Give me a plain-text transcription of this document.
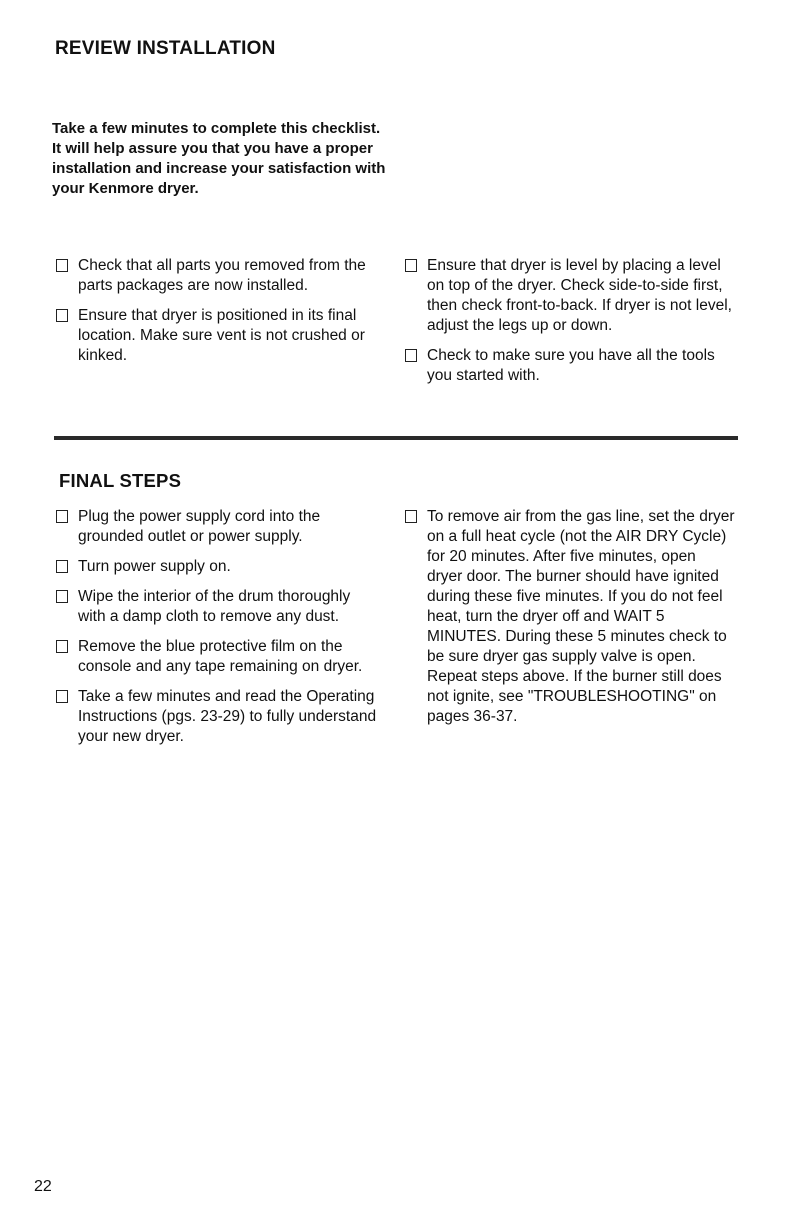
REVIEW INSTALLATION

Take a few minutes to complete this checklist. It will help assure you that you have a proper installation and increase your satisfaction with your Kenmore dryer.

Check that all parts you removed from the parts packages are now installed.
Ensure that dryer is positioned in its final location. Make sure vent is not crushed or kinked.
Ensure that dryer is level by placing a level on top of the dryer. Check side-to-side first, then check front-to-back. If dryer is not level, adjust the legs up or down.
Check to make sure you have all the tools you started with.
FINAL STEPS
Plug the power supply cord into the grounded outlet or power supply.
Turn power supply on.
Wipe the interior of the drum thoroughly with a damp cloth to remove any dust.
Remove the blue protective film on the console and any tape remaining on dryer.
Take a few minutes and read the Operating Instructions (pgs. 23-29) to fully understand your new dryer.
To remove air from the gas line, set the dryer on a full heat cycle (not the AIR DRY Cycle) for 20 minutes. After five minutes, open dryer door. The burner should have ignited during these five minutes. If you do not feel heat, turn the dryer off and WAIT 5 MINUTES. During these 5 minutes check to be sure dryer gas supply valve is open. Repeat steps above. If the burner still does not ignite, see "TROUBLESHOOTING" on pages 36-37.
22
